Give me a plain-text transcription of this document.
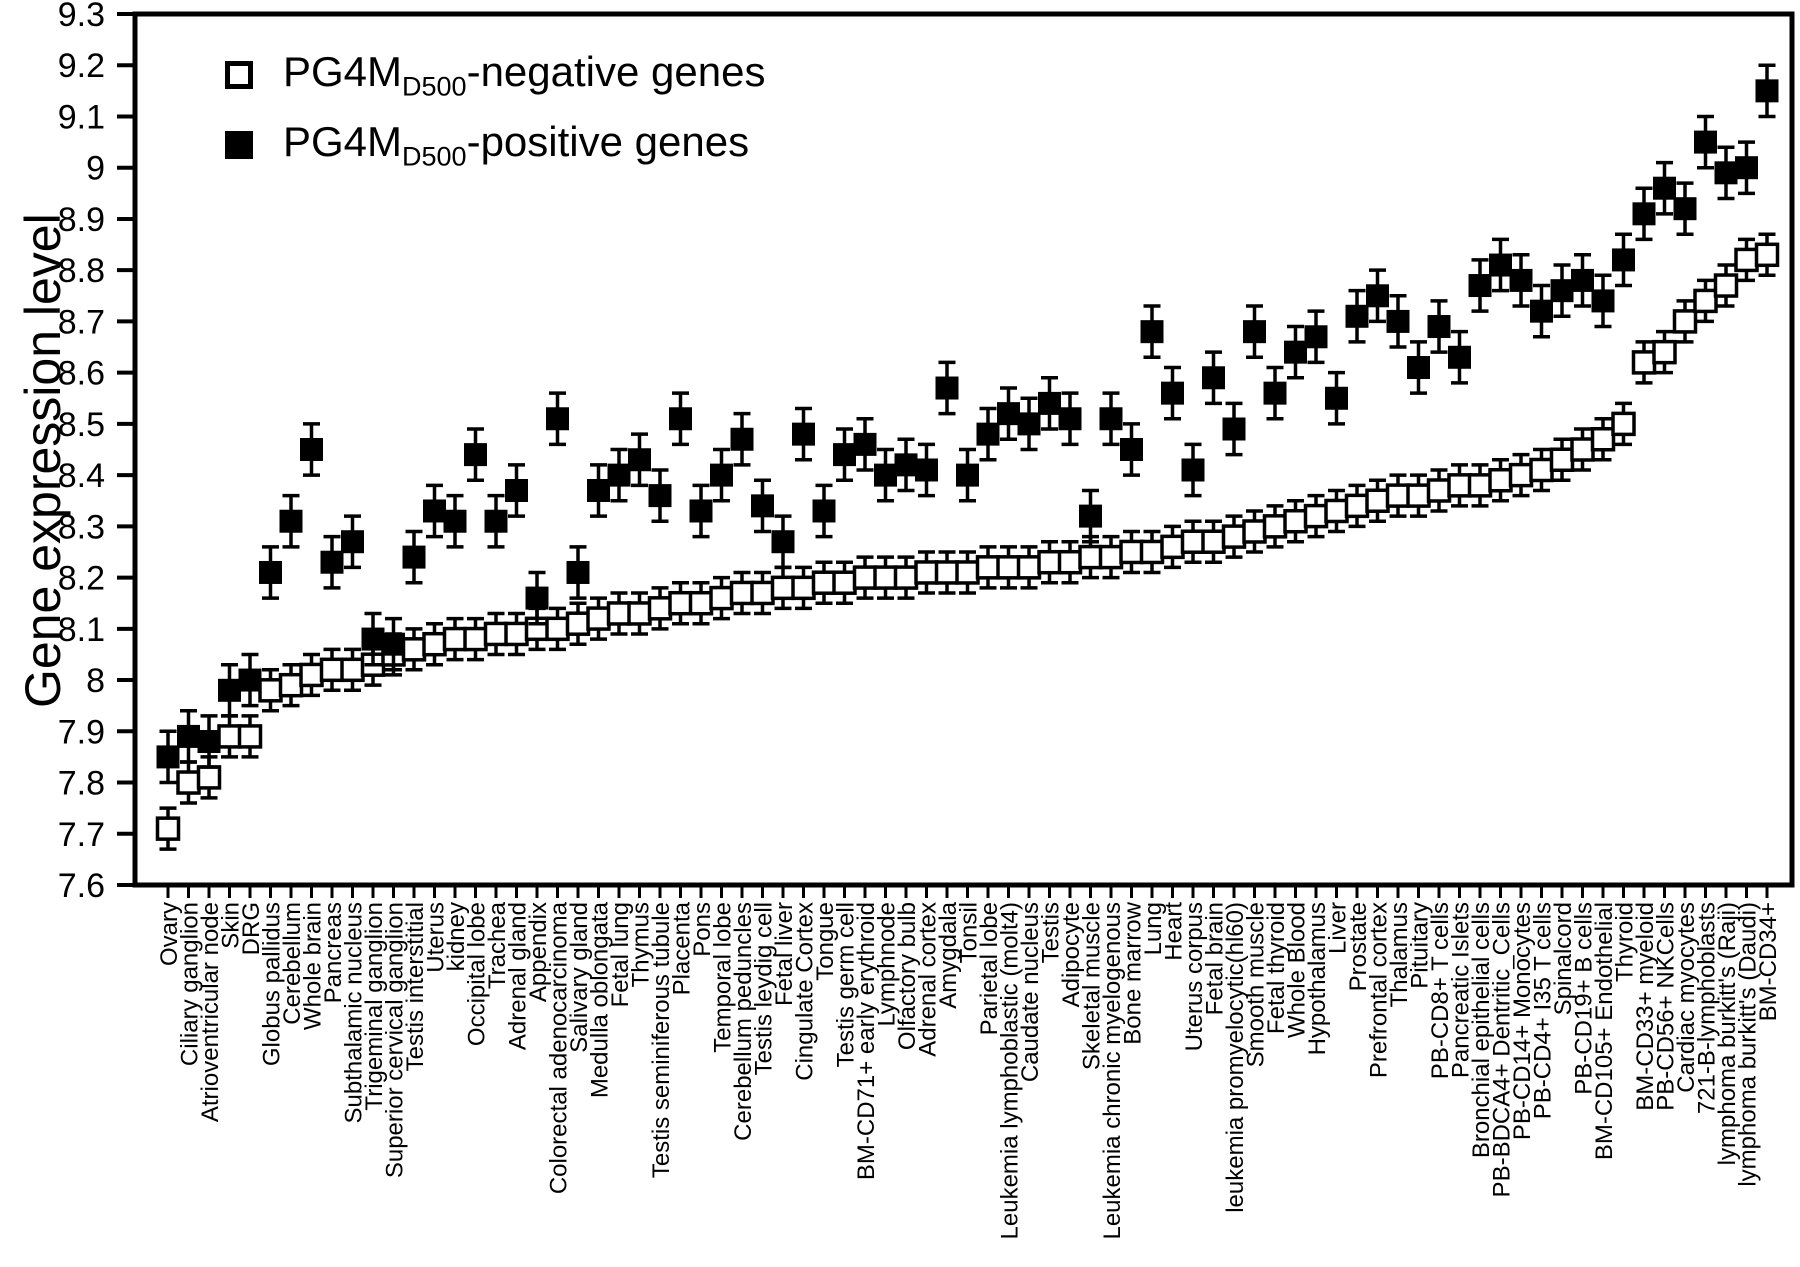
9.3
9.2
9.1
9
8.9
8.8
8.7
8.6
8.5
8.4
8.3
8.2
8.1
8
7.9
7.8
7.7
7.6
Ovary
Ciliary ganglion
Atrioventricular node
Skin
DRG
Globus pallidus
Cerebellum
Whole brain
Pancreas
Subthalamic nucleus
Trigeminal ganglion
Superior cervical ganglion
Testis interstitial
Uterus
kidney
Occipital lobe
Trachea
Adrenal gland
Appendix
Colorectal adenocarcinoma
Salivary gland
Medulla oblongata
Fetal lung
Thymus
Testis seminiferous tubule
Placenta
Pons
Temporal lobe
Cerebellum peduncles
Testis leydig cell
Fetal liver
Cingulate Cortex
Tongue
Testis germ cell
BM-CD71+ early erythroid
Lymphnode
Olfactory bulb
Adrenal cortex
Amygdala
Tonsil
Parietal lobe
Leukemia lymphoblastic (molt4)
Caudate nucleus
Testis
Adipocyte
Skeletal muscle
Leukemia chronic myelogenous
Bone marrow
Lung
Heart
Uterus corpus
Fetal brain
leukemia promyelocytic(hl60)
Smooth muscle
Fetal thyroid
Whole Blood
Hypothalamus
Liver
Prostate
Prefrontal cortex
Thalamus
Pituitary
PB-CD8+ T cells
Pancreatic Islets
Bronchial epithelial cells
PB-BDCA4+ Dentritic_Cells
PB-CD14+ Monocytes
PB-CD4+ I35 T cells
Spinalcord
PB-CD19+ B cells
BM-CD105+ Endothelial
Thyroid
BM-CD33+ myeloid
PB-CD56+ NKCells
Cardiac myocytes
721-B-lymphoblasts
lymphoma burkitt's (Raji)
lymphoma burkitt's (Daudi)
BM-CD34+
Gene expression level
$PG4M_{D500}$-negative genes
$PG4M_{D500}$-positive genes
